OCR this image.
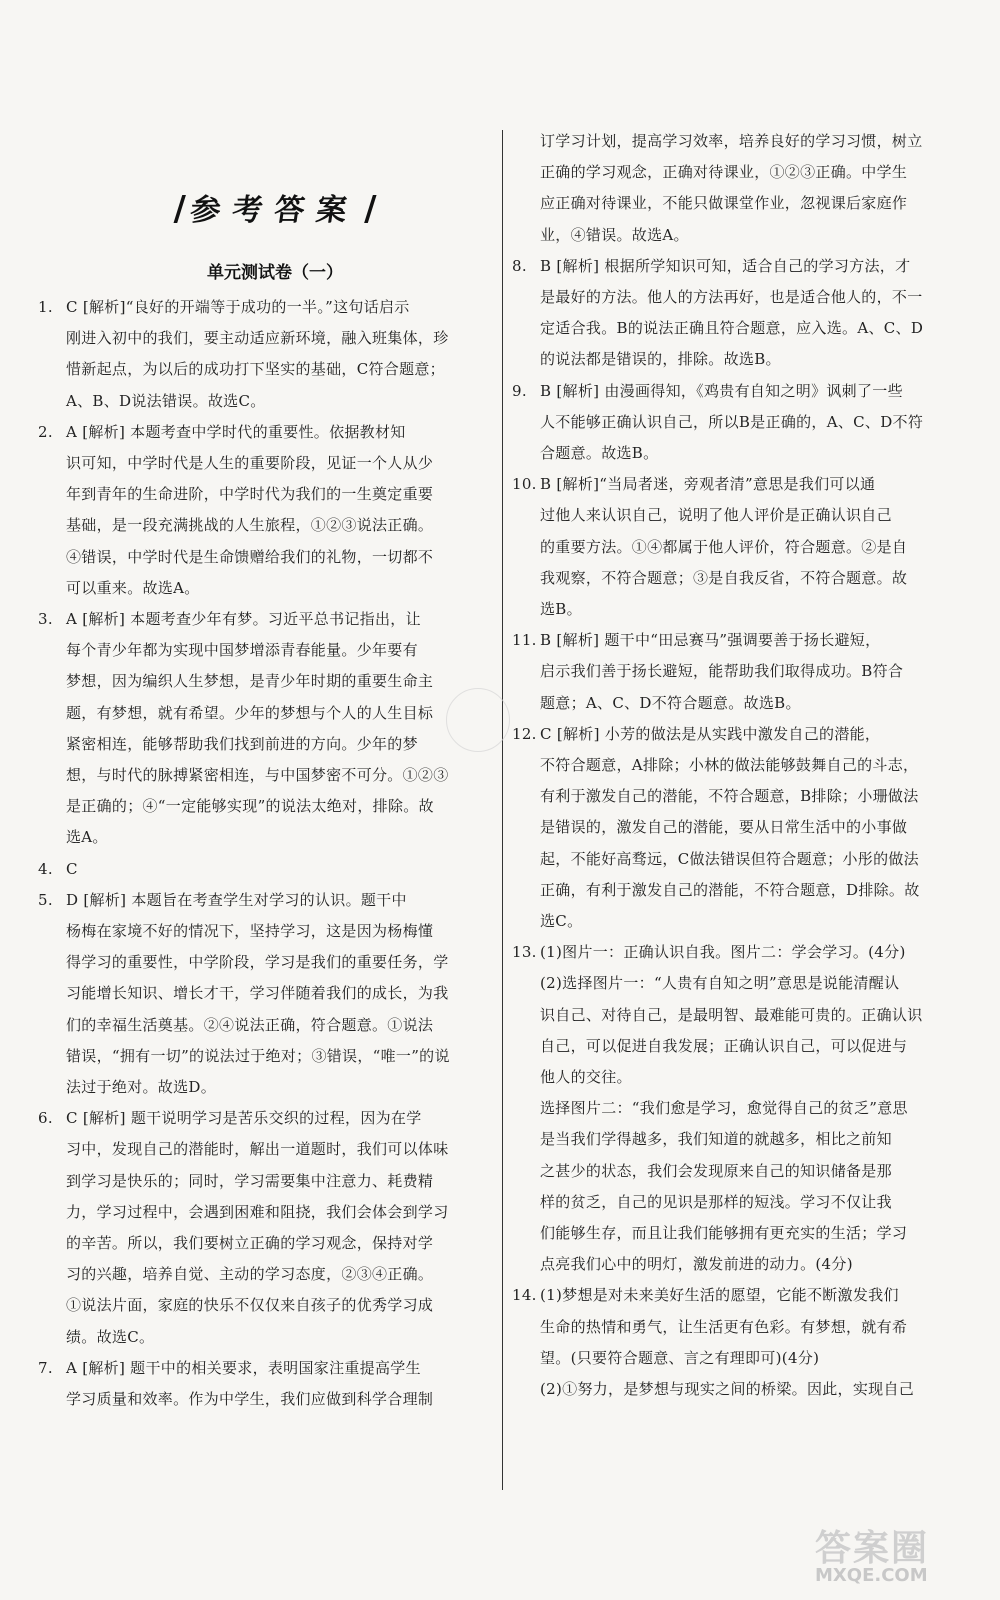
/ 参考答案 /
单元测试卷（一）
1. C [解析]“良好的开端等于成功的一半。”这句话启示
刚进入初中的我们，要主动适应新环境，融入班集体，珍
惜新起点，为以后的成功打下坚实的基础，C符合题意；
A、B、D说法错误。故选C。
2. A [解析] 本题考查中学时代的重要性。依据教材知
识可知，中学时代是人生的重要阶段，见证一个人从少
年到青年的生命进阶，中学时代为我们的一生奠定重要
基础，是一段充满挑战的人生旅程，①②③说法正确。
④错误，中学时代是生命馈赠给我们的礼物，一切都不
可以重来。故选A。
3. A [解析] 本题考查少年有梦。习近平总书记指出，让
每个青少年都为实现中国梦增添青春能量。少年要有
梦想，因为编织人生梦想，是青少年时期的重要生命主
题，有梦想，就有希望。少年的梦想与个人的人生目标
紧密相连，能够帮助我们找到前进的方向。少年的梦
想，与时代的脉搏紧密相连，与中国梦密不可分。①②③
是正确的；④“一定能够实现”的说法太绝对，排除。故
选A。
4. C
5. D [解析] 本题旨在考查学生对学习的认识。题干中
杨梅在家境不好的情况下，坚持学习，这是因为杨梅懂
得学习的重要性，中学阶段，学习是我们的重要任务，学
习能增长知识、增长才干，学习伴随着我们的成长，为我
们的幸福生活奠基。②④说法正确，符合题意。①说法
错误，“拥有一切”的说法过于绝对；③错误，“唯一”的说
法过于绝对。故选D。
6. C [解析] 题干说明学习是苦乐交织的过程，因为在学
习中，发现自己的潜能时，解出一道题时，我们可以体味
到学习是快乐的；同时，学习需要集中注意力、耗费精
力，学习过程中，会遇到困难和阻挠，我们会体会到学习
的辛苦。所以，我们要树立正确的学习观念，保持对学
习的兴趣，培养自觉、主动的学习态度，②③④正确。
①说法片面，家庭的快乐不仅仅来自孩子的优秀学习成
绩。故选C。
7. A [解析] 题干中的相关要求，表明国家注重提高学生
学习质量和效率。作为中学生，我们应做到科学合理制
订学习计划，提高学习效率，培养良好的学习习惯，树立
正确的学习观念，正确对待课业，①②③正确。中学生
应正确对待课业，不能只做课堂作业，忽视课后家庭作
业，④错误。故选A。
8. B [解析] 根据所学知识可知，适合自己的学习方法，才
是最好的方法。他人的方法再好，也是适合他人的，不一
定适合我。B的说法正确且符合题意，应入选。A、C、D
的说法都是错误的，排除。故选B。
9. B [解析] 由漫画得知，《鸡贵有自知之明》讽刺了一些
人不能够正确认识自己，所以B是正确的，A、C、D不符
合题意。故选B。
10. B [解析]“当局者迷，旁观者清”意思是我们可以通
过他人来认识自己，说明了他人评价是正确认识自己
的重要方法。①④都属于他人评价，符合题意。②是自
我观察，不符合题意；③是自我反省，不符合题意。故
选B。
11. B [解析] 题干中“田忌赛马”强调要善于扬长避短，
启示我们善于扬长避短，能帮助我们取得成功。B符合
题意；A、C、D不符合题意。故选B。
12. C [解析] 小芳的做法是从实践中激发自己的潜能，
不符合题意，A排除；小林的做法能够鼓舞自己的斗志，
有利于激发自己的潜能，不符合题意，B排除；小珊做法
是错误的，激发自己的潜能，要从日常生活中的小事做
起，不能好高骛远，C做法错误但符合题意；小彤的做法
正确，有利于激发自己的潜能，不符合题意，D排除。故
选C。
13. (1)图片一：正确认识自我。图片二：学会学习。(4分)
(2)选择图片一：“人贵有自知之明”意思是说能清醒认
识自己、对待自己，是最明智、最难能可贵的。正确认识
自己，可以促进自我发展；正确认识自己，可以促进与
他人的交往。
选择图片二：“我们愈是学习，愈觉得自己的贫乏”意思
是当我们学得越多，我们知道的就越多，相比之前知
之甚少的状态，我们会发现原来自己的知识储备是那
样的贫乏，自己的见识是那样的短浅。学习不仅让我
们能够生存，而且让我们能够拥有更充实的生活；学习
点亮我们心中的明灯，激发前进的动力。(4分)
14. (1)梦想是对未来美好生活的愿望，它能不断激发我们
生命的热情和勇气，让生活更有色彩。有梦想，就有希
望。(只要符合题意、言之有理即可)(4分)
(2)①努力，是梦想与现实之间的桥梁。因此，实现自己
答案圈
MXQE.COM
